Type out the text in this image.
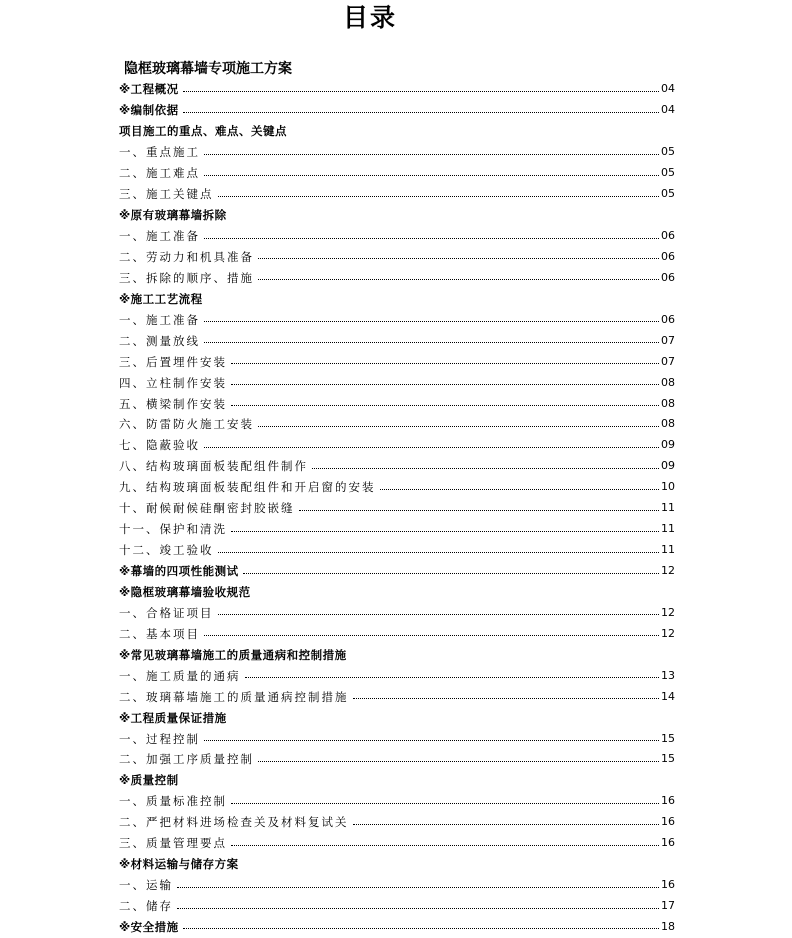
目录
隐框玻璃幕墙专项施工方案
※工程概况	04
※编制依据	04
项目施工的重点、难点、关键点
一、重点施工	05
二、施工难点	05
三、施工关键点	05
※原有玻璃幕墙拆除
一、施工准备	06
二、劳动力和机具准备	06
三、拆除的顺序、措施	06
※施工工艺流程
一、施工准备	06
二、测量放线	07
三、后置埋件安装	07
四、立柱制作安装	08
五、横梁制作安装	08
六、防雷防火施工安装	08
七、隐蔽验收	09
八、结构玻璃面板装配组件制作	09
九、结构玻璃面板装配组件和开启窗的安装	10
十、耐候耐候硅酮密封胶嵌缝	11
十一、保护和清洗	11
十二、竣工验收	11
※幕墙的四项性能测试	12
※隐框玻璃幕墙验收规范
一、合格证项目	12
二、基本项目	12
※常见玻璃幕墙施工的质量通病和控制措施
一、施工质量的通病	13
二、玻璃幕墙施工的质量通病控制措施	14
※工程质量保证措施
一、过程控制	15
二、加强工序质量控制	15
※质量控制
一、质量标准控制	16
二、严把材料进场检查关及材料复试关	16
三、质量管理要点	16
※材料运输与储存方案
一、运输	16
二、储存	17
※安全措施	18
